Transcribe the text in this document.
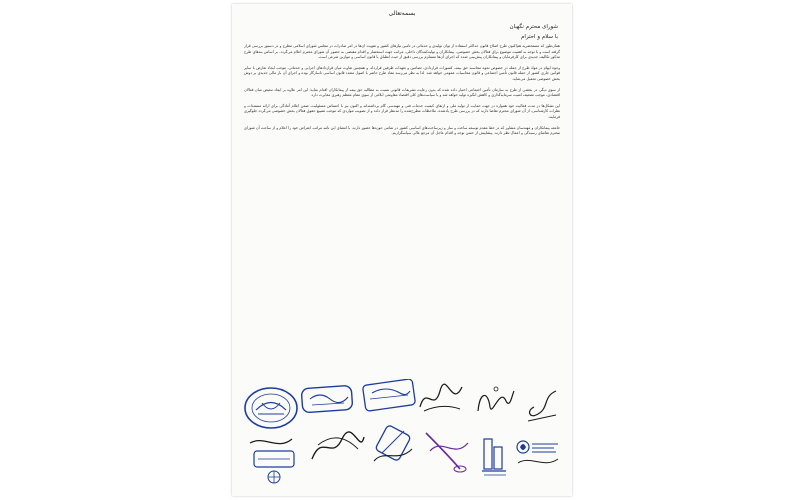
بسمه‌تعالی
شورای محترم نگهبان
با سلام و احترام

همان‌طور که مستحضرید هم‌اکنون طرح اصلاح قانون حداکثر استفاده از توان تولیدی و خدماتی در تأمین نیازهای کشور و تقویت آن‌ها در امر صادرات در مجلس شورای اسلامی مطرح و در دستور بررسی قرار گرفته است و با توجه به اهمیت موضوع برای فعالان بخش خصوصی، پیمانکاران و تولیدکنندگان داخلی، مراتب جهت استحضار و اقدام مقتضی به حضور آن شورای محترم اعلام می‌گردد. بر اساس بندهای طرح مذکور تکالیف جدیدی برای کارفرمایان و پیمانکاران پیش‌بینی شده که اجرای آن‌ها مستلزم بررسی دقیق از حیث انطباق با قانون اساسی و موازین شرعی است.

وجوه ابهام در مواد طرح از جمله در خصوص نحوه محاسبه حق بیمه، کسورات قراردادی، تضامین و تعهدات طرفین قرارداد، و همچنین تفاوت میان قراردادهای اجرایی و خدماتی، موجب ایجاد تعارض با سایر قوانین جاری کشور از جمله قانون تأمین اجتماعی و قانون محاسبات عمومی خواهد شد. لذا به نظر می‌رسد مفاد طرح حاضر با اصول متعدد قانون اساسی ناسازگار بوده و اجرای آن بار مالی جدیدی بر دوش بخش خصوصی تحمیل می‌نماید.

از سوی دیگر، در بخشی از طرح به سازمان تأمین اجتماعی اختیار داده شده که بدون رعایت تشریفات قانونی نسبت به مطالبه حق بیمه از پیمانکاران اقدام نماید؛ این امر علاوه بر ایجاد تبعیض میان فعالان اقتصادی، موجب تضعیف امنیت سرمایه‌گذاری و کاهش انگیزه تولید خواهد شد و با سیاست‌های کلی اقتصاد مقاومتی ابلاغی از سوی مقام معظم رهبری مغایرت دارد.

این تشکل‌ها در مدت فعالیت خود همواره در جهت حمایت از تولید ملی و ارتقای کیفیت خدمات فنی و مهندسی گام برداشته‌اند و اکنون نیز با احساس مسئولیت، ضمن اعلام آمادگی برای ارائه مستندات و نظرات کارشناسی، از آن شورای محترم تقاضا دارند که در بررسی طرح یادشده، ملاحظات مطرح‌شده را مدنظر قرار داده و از تصویب مواردی که موجب تضییع حقوق فعالان بخش خصوصی می‌گردد جلوگیری فرمایند.

جامعه پیمانکاران و مهندسان مشاور که در خط مقدم توسعه ساخت و ساز و زیرساخت‌های اساسی کشور در تمامی حوزه‌ها حضور دارند، با امضای این نامه مراتب اعتراض خود را اعلام و از ساحت آن شورای محترم تقاضای رسیدگی و اعمال نظر دارند. پیشاپیش از حسن توجه و اقدام عاجل آن مرجع عالی سپاسگزاریم.
